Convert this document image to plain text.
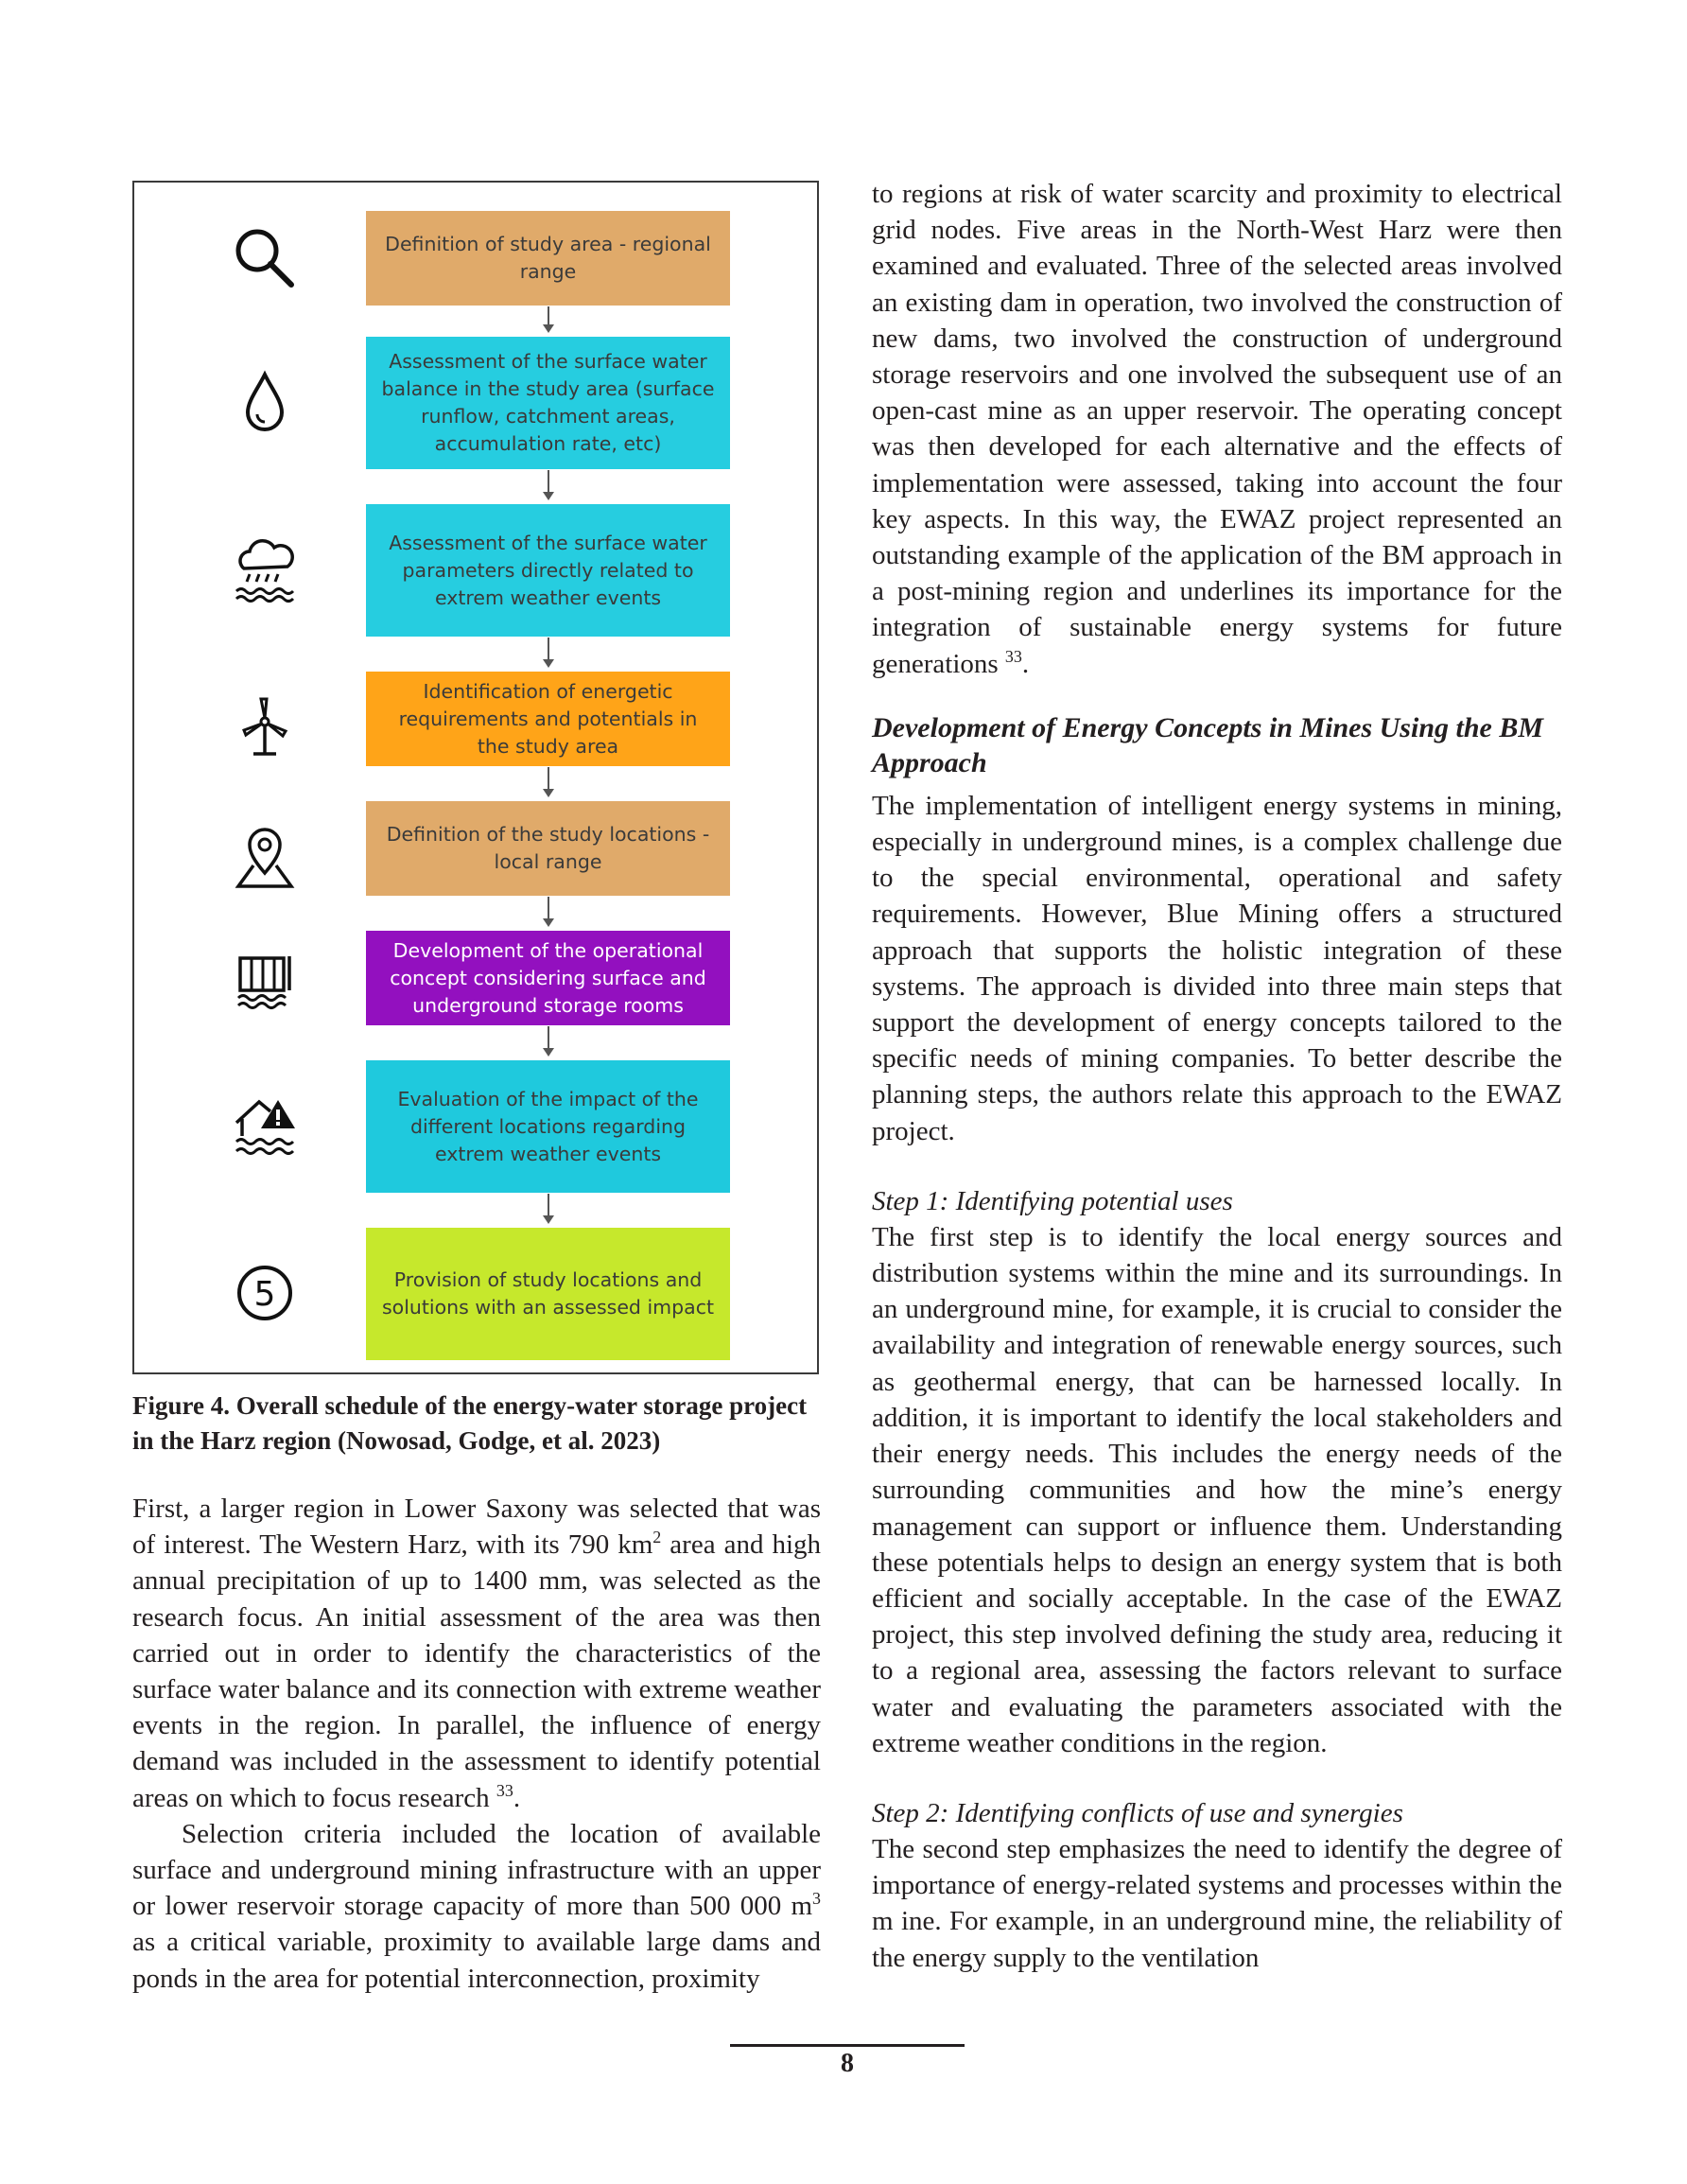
Definition of study area - regional range
Assessment of the surface water balance in the study area (surface runflow, catchment areas, accumulation rate, etc)
Assessment of the surface water parameters directly related to extrem weather events
Identification of energetic requirements and potentials in the study area
Definition of the study locations - local range
Development of the operational concept considering surface and underground storage rooms
Evaluation of the impact of the different locations regarding extrem weather events
Provision of study locations and solutions with an assessed impact
5
Figure 4. Overall schedule of the energy-water storage project in the Harz region (Nowosad, Godge, et al. 2023)

First, a larger region in Lower Saxony was selected that was of interest. The Western Harz, with its 790 $km^2$ area and high annual precipitation of up to 1400 mm, was selected as the research focus. An initial assessment of the area was then carried out in order to identify the characteristics of the surface water balance and its connection with extreme weather events in the region. In parallel, the influence of energy demand was included in the assessment to identify potential areas on which to focus research $^{33}$.

Selection criteria included the location of available surface and underground mining infrastructure with an upper or lower reservoir storage capacity of more than 500 000 $m^3$ as a critical variable, proximity to available large dams and ponds in the area for potential interconnection, proximity

to regions at risk of water scarcity and proximity to electrical grid nodes. Five areas in the North-West Harz were then examined and evaluated. Three of the selected areas involved an existing dam in operation, two involved the construction of new dams, two involved the construction of underground storage reservoirs and one involved the subsequent use of an open-cast mine as an upper reservoir. The operating concept was then developed for each alternative and the effects of implementation were assessed, taking into account the four key aspects. In this way, the EWAZ project represented an outstanding example of the application of the BM approach in a post-mining region and underlines its importance for the integration of sustainable energy systems for future generations $^{33}$.

Development of Energy Concepts in Mines Using the BM Approach

The implementation of intelligent energy systems in mining, especially in underground mines, is a complex challenge due to the special environmental, operational and safety requirements. However, Blue Mining offers a structured approach that supports the holistic integration of these systems. The approach is divided into three main steps that support the development of energy concepts tailored to the specific needs of mining companies. To better describe the planning steps, the authors relate this approach to the EWAZ project.

Step 1: Identifying potential uses

The first step is to identify the local energy sources and distribution systems within the mine and its surroundings. In an underground mine, for example, it is crucial to consider the availability and integration of renewable energy sources, such as geothermal energy, that can be harnessed locally. In addition, it is important to identify the local stakeholders and their energy needs. This includes the energy needs of the surrounding communities and how the mine’s energy management can support or influence them. Understanding these potentials helps to design an energy system that is both efficient and socially acceptable. In the case of the EWAZ project, this step involved defining the study area, reducing it to a regional area, assessing the factors relevant to surface water and evaluating the parameters associated with the extreme weather conditions in the region.

Step 2: Identifying conflicts of use and synergies

The second step emphasizes the need to identify the degree of importance of energy-related systems and processes within the m ine. For example, in an underground mine, the reliability of the energy supply to the ventilation

8
